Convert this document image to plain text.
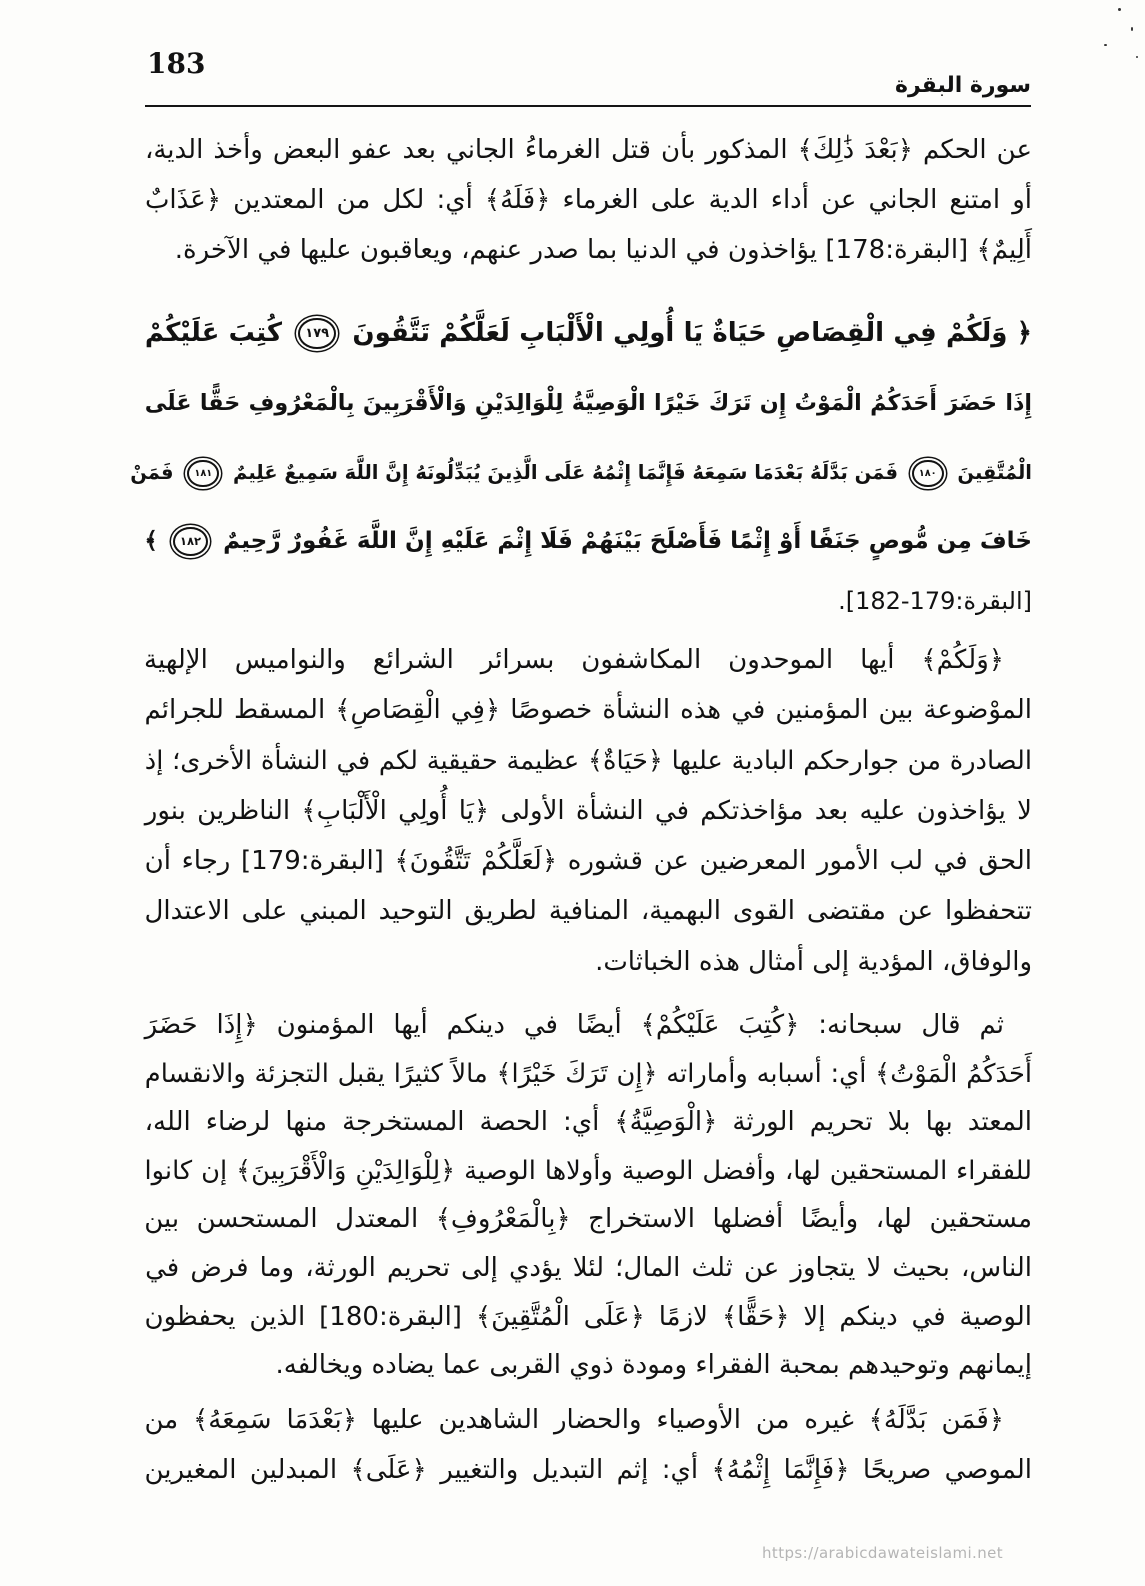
183
سورة البقرة
عن الحكم ﴿بَعْدَ ذَٰلِكَ﴾ المذكور بأن قتل الغرماءُ الجاني بعد عفو البعض وأخذ الدية،
أو امتنع الجاني عن أداء الدية على الغرماء ﴿فَلَهُ﴾ أي: لكل من المعتدين ﴿عَذَابٌ
أَلِيمٌ﴾ [البقرة:178] يؤاخذون في الدنيا بما صدر عنهم، ويعاقبون عليها في الآخرة.
﴿ وَلَكُمْ فِي الْقِصَاصِ حَيَاةٌ يَا أُولِي الْأَلْبَابِ لَعَلَّكُمْ تَتَّقُونَ ١٧٩ كُتِبَ عَلَيْكُمْ
إِذَا حَضَرَ أَحَدَكُمُ الْمَوْتُ إِن تَرَكَ خَيْرًا الْوَصِيَّةُ لِلْوَالِدَيْنِ وَالْأَقْرَبِينَ بِالْمَعْرُوفِ حَقًّا عَلَى
الْمُتَّقِينَ ١٨٠ فَمَن بَدَّلَهُ بَعْدَمَا سَمِعَهُ فَإِنَّمَا إِثْمُهُ عَلَى الَّذِينَ يُبَدِّلُونَهُ إِنَّ اللَّهَ سَمِيعٌ عَلِيمٌ ١٨١ فَمَنْ
خَافَ مِن مُّوصٍ جَنَفًا أَوْ إِثْمًا فَأَصْلَحَ بَيْنَهُمْ فَلَا إِثْمَ عَلَيْهِ إِنَّ اللَّهَ غَفُورٌ رَّحِيمٌ ١٨٢ ﴾
[البقرة:179-182].
﴿وَلَكُمْ﴾ أيها الموحدون المكاشفون بسرائر الشرائع والنواميس الإلهية
الموْضوعة بين المؤمنين في هذه النشأة خصوصًا ﴿فِي الْقِصَاصِ﴾ المسقط للجرائم
الصادرة من جوارحكم البادية عليها ﴿حَيَاةٌ﴾ عظيمة حقيقية لكم في النشأة الأخرى؛ إذ
لا يؤاخذون عليه بعد مؤاخذتكم في النشأة الأولى ﴿يَا أُولِي الْأَلْبَابِ﴾ الناظرين بنور
الحق في لب الأمور المعرضين عن قشوره ﴿لَعَلَّكُمْ تَتَّقُونَ﴾ [البقرة:179] رجاء أن
تتحفظوا عن مقتضى القوى البهمية، المنافية لطريق التوحيد المبني على الاعتدال
والوفاق، المؤدية إلى أمثال هذه الخباثات.
ثم قال سبحانه: ﴿كُتِبَ عَلَيْكُمْ﴾ أيضًا في دينكم أيها المؤمنون ﴿إِذَا حَضَرَ
أَحَدَكُمُ الْمَوْتُ﴾ أي: أسبابه وأماراته ﴿إِن تَرَكَ خَيْرًا﴾ مالاً كثيرًا يقبل التجزئة والانقسام
المعتد بها بلا تحريم الورثة ﴿الْوَصِيَّةُ﴾ أي: الحصة المستخرجة منها لرضاء الله،
للفقراء المستحقين لها، وأفضل الوصية وأولاها الوصية ﴿لِلْوَالِدَيْنِ وَالْأَقْرَبِينَ﴾ إن كانوا
مستحقين لها، وأيضًا أفضلها الاستخراج ﴿بِالْمَعْرُوفِ﴾ المعتدل المستحسن بين
الناس، بحيث لا يتجاوز عن ثلث المال؛ لئلا يؤدي إلى تحريم الورثة، وما فرض في
الوصية في دينكم إلا ﴿حَقًّا﴾ لازمًا ﴿عَلَى الْمُتَّقِينَ﴾ [البقرة:180] الذين يحفظون
إيمانهم وتوحيدهم بمحبة الفقراء ومودة ذوي القربى عما يضاده ويخالفه.
﴿فَمَن بَدَّلَهُ﴾ غيره من الأوصياء والحضار الشاهدين عليها ﴿بَعْدَمَا سَمِعَهُ﴾ من
الموصي صريحًا ﴿فَإِنَّمَا إِثْمُهُ﴾ أي: إثم التبديل والتغيير ﴿عَلَى﴾ المبدلين المغيرين
https://arabicdawateislami.net
